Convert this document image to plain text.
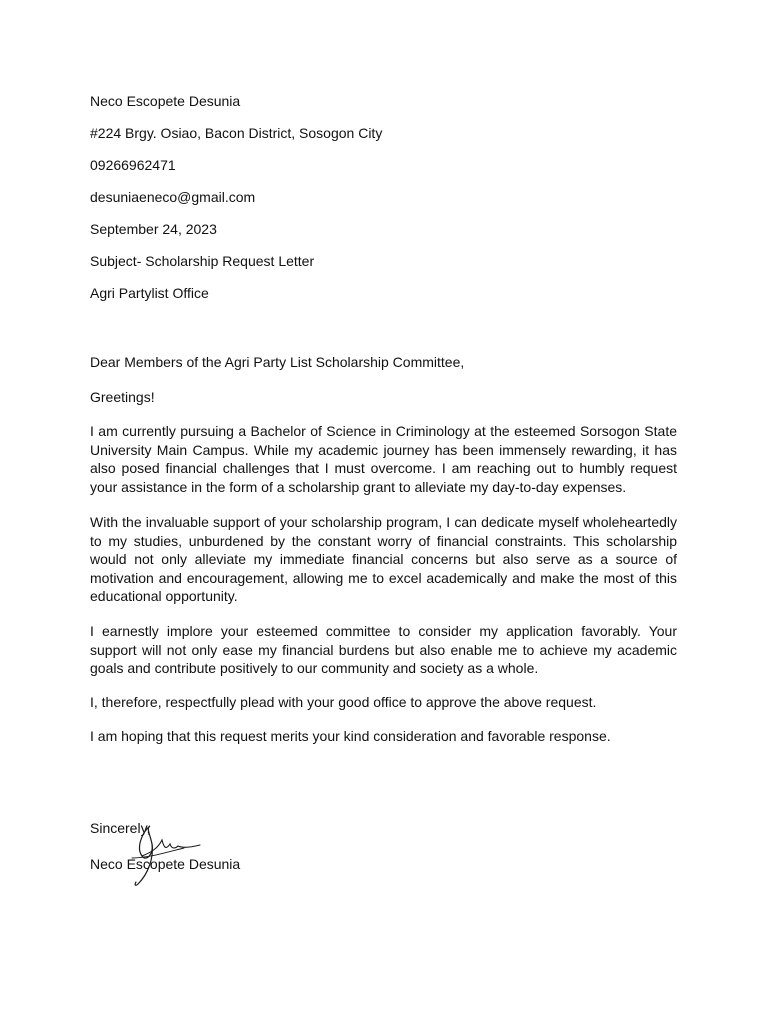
Neco Escopete Desunia
#224 Brgy. Osiao, Bacon District, Sosogon City
09266962471
desuniaeneco@gmail.com
September 24, 2023
Subject- Scholarship Request Letter
Agri Partylist Office
Dear Members of the Agri Party List Scholarship Committee,
Greetings!
I am currently pursuing a Bachelor of Science in Criminology at the esteemed Sorsogon State University Main Campus. While my academic journey has been immensely rewarding, it has also posed financial challenges that I must overcome. I am reaching out to humbly request your assistance in the form of a scholarship grant to alleviate my day-to-day expenses.
With the invaluable support of your scholarship program, I can dedicate myself wholeheartedly to my studies, unburdened by the constant worry of financial constraints. This scholarship would not only alleviate my immediate financial concerns but also serve as a source of motivation and encouragement, allowing me to excel academically and make the most of this educational opportunity.
I earnestly implore your esteemed committee to consider my application favorably. Your support will not only ease my financial burdens but also enable me to achieve my academic goals and contribute positively to our community and society as a whole.
I, therefore, respectfully plead with your good office to approve the above request.
I am hoping that this request merits your kind consideration and favorable response.
Sincerely,
Neco Escopete Desunia
